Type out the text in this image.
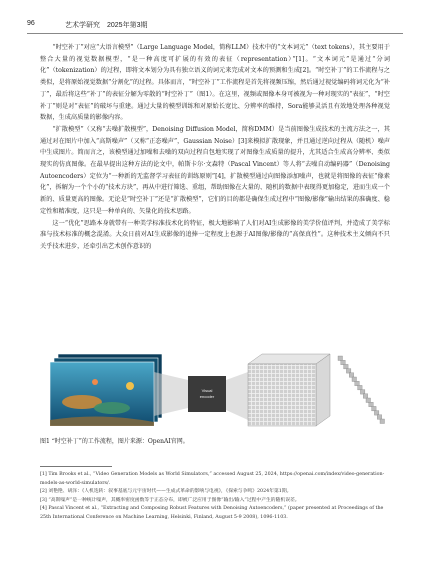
96	艺术学研究　2025年第3期

“时空补丁”对应“大语言模型”（Large Language Model，简称LLM）技术中的“文本词元”（text tokens），其主要用于整合大量的视觉数据模型，“是一种高度可扩展的有效的表征（representation）”[1]。“文本词元”是通过“分词化”（tokenization）的过程，即将文本划分为具有独立语义的词元来完成对文本的预测和生成[2]。“时空补丁”的工作流程与之类似，是将原始视觉数据“分割化”的过程。具体而言，“时空补丁”工作流程是首先将视频压缩，然后通过视觉编码将词元化为“补丁”，最后将这些“补丁”的表征分解为零散的“时空补丁”（图1）。在这里，视频或图像本身可被视为一种对现实的“表征”，“时空补丁”则是对“表征”的破坏与重建。通过大量的模型训练和对原始长宽比、分辨率的维持，Sora能够灵活且有效地处理各种视觉数据，生成高质量的影像内容。

“扩散模型”（又称“去噪扩散模型”，Denoising Diffusion Model，简称DMM）是当前图像生成技术的主流方法之一，其通过对在图片中加入“高斯噪声”（又称“正态噪声”，Gaussian Noise）[3]来模拟扩散现象，并且通过逆向过程从（随机）噪声中生成图片。简而言之，该模型通过加噪和去噪的双向过程自包地实现了对图像生成质量的提升，尤其适合生成高分辨率、类似现实的仿真图像。在最早提出这种方法的论文中，帕斯卡尔·文森特（Pascal Vincent）等人将“去噪自动编码器”（Denoising Autoencoders）定位为“一种新的无监督学习表征的训练原则”[4]，扩散模型通过向图像添加噪声，也就是将图像的表征“像素化”，拆解为一个个小的“技术方块”，再从中进行筛选、重组，帮助图像在大量的、随机的数据中表现得更加稳定，进而生成一个新的、质量更高的图像。无论是“时空补丁”还是“扩散模型”，它们的目的都是确保生成过程中“图像/影像”输出结果的准确度、稳定性和精准度，这只是一种单向的、矢量化的技术思路。

这一“优化”思路本身就带有一种美学标准技术化的特征，极大地影响了人们对AI生成影像的美学价值评判，并造成了美学标准与技术标准的概念混淆。大众日前对AI生成影像的追捧一定程度上也源于AI图像/影像的“高保真性”。这种技术主义倾向不只关乎技术进步，还牵引出艺术创作意识的

Visual
encoder
图1 “时空补丁”的工作流程，图片来源：OpenAI官网。
[1] Tim Brooks et al., “Video Generation Models as World Simulators,” accessed August 25, 2024, https://openai.com/index/video-generation-models-as-world-simulators/.
[2] 刘艳艳、胡泽：《人机迭转：叙事基底与元宇宙时代——生成式革命的影响与电视》，《探索与争鸣》2024年第1期。
[3] “高斯噪声”是一种统计噪声，其概率密度函数等于正态分布，即被广泛应用于图像“输出/输入”过程中产生的随机误差。
[4] Pascal Vincent et al., “Extracting and Composing Robust Features with Denoising Autoencoders,” (paper presented at Proceedings of the 25th International Conference on Machine Learning, Helsinki, Finland, August 5-9 2008), 1096-1103.
